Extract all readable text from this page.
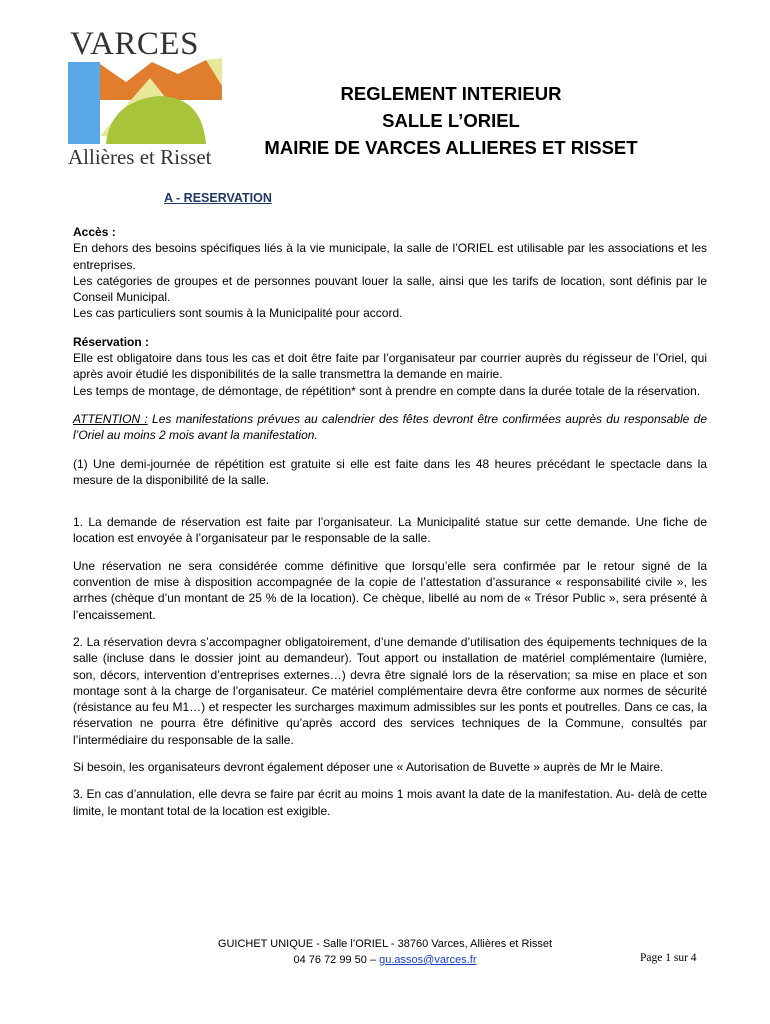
VARCES
Allières et Risset
REGLEMENT INTERIEUR
SALLE L’ORIEL
MAIRIE DE VARCES ALLIERES ET RISSET
A - RESERVATION

Accès :

En dehors des besoins spécifiques liés à la vie municipale, la salle de l’ORIEL est utilisable par les associations et les entreprises.

Les catégories de groupes et de personnes pouvant louer la salle, ainsi que les tarifs de location, sont définis par le Conseil Municipal.

Les cas particuliers sont soumis à la Municipalité pour accord.

Réservation :

Elle est obligatoire dans tous les cas et doit être faite par l’organisateur par courrier auprès du régisseur de l’Oriel, qui après avoir étudié les disponibilités de la salle transmettra la demande en mairie.

Les temps de montage, de démontage, de répétition* sont à prendre en compte dans la durée totale de la réservation.

ATTENTION : Les manifestations prévues au calendrier des fêtes devront être confirmées auprès du responsable de l’Oriel au moins 2 mois avant la manifestation.

(1) Une demi-journée de répétition est gratuite si elle est faite dans les 48 heures précédant le spectacle dans la mesure de la disponibilité de la salle.

1. La demande de réservation est faite par l’organisateur. La Municipalité statue sur cette demande. Une fiche de location est envoyée à l’organisateur par le responsable de la salle.

Une réservation ne sera considérée comme définitive que lorsqu’elle sera confirmée par le retour signé de la convention de mise à disposition accompagnée de la copie de l’attestation d’assurance « responsabilité civile », les arrhes (chèque d’un montant de 25 % de la location). Ce chèque, libellé au nom de « Trésor Public », sera présenté à l’encaissement.

2. La réservation devra s’accompagner obligatoirement, d’une demande d’utilisation des équipements techniques de la salle (incluse dans le dossier joint au demandeur). Tout apport ou installation de matériel complémentaire (lumière, son, décors, intervention d’entreprises externes…) devra être signalé lors de la réservation; sa mise en place et son montage sont à la charge de l’organisateur. Ce matériel complémentaire devra être conforme aux normes de sécurité (résistance au feu M1…) et respecter les surcharges maximum admissibles sur les ponts et poutrelles. Dans ce cas, la réservation ne pourra être définitive qu’après accord des services techniques de la Commune, consultés par l’intermédiaire du responsable de la salle.

Si besoin, les organisateurs devront également déposer une « Autorisation de Buvette » auprès de Mr le Maire.

3. En cas d’annulation, elle devra se faire par écrit au moins 1 mois avant la date de la manifestation. Au- delà de cette limite, le montant total de la location est exigible.

GUICHET UNIQUE - Salle l’ORIEL - 38760 Varces, Allières et Risset
04 76 72 99 50 – gu.assos@varces.fr	Page 1 sur 4
